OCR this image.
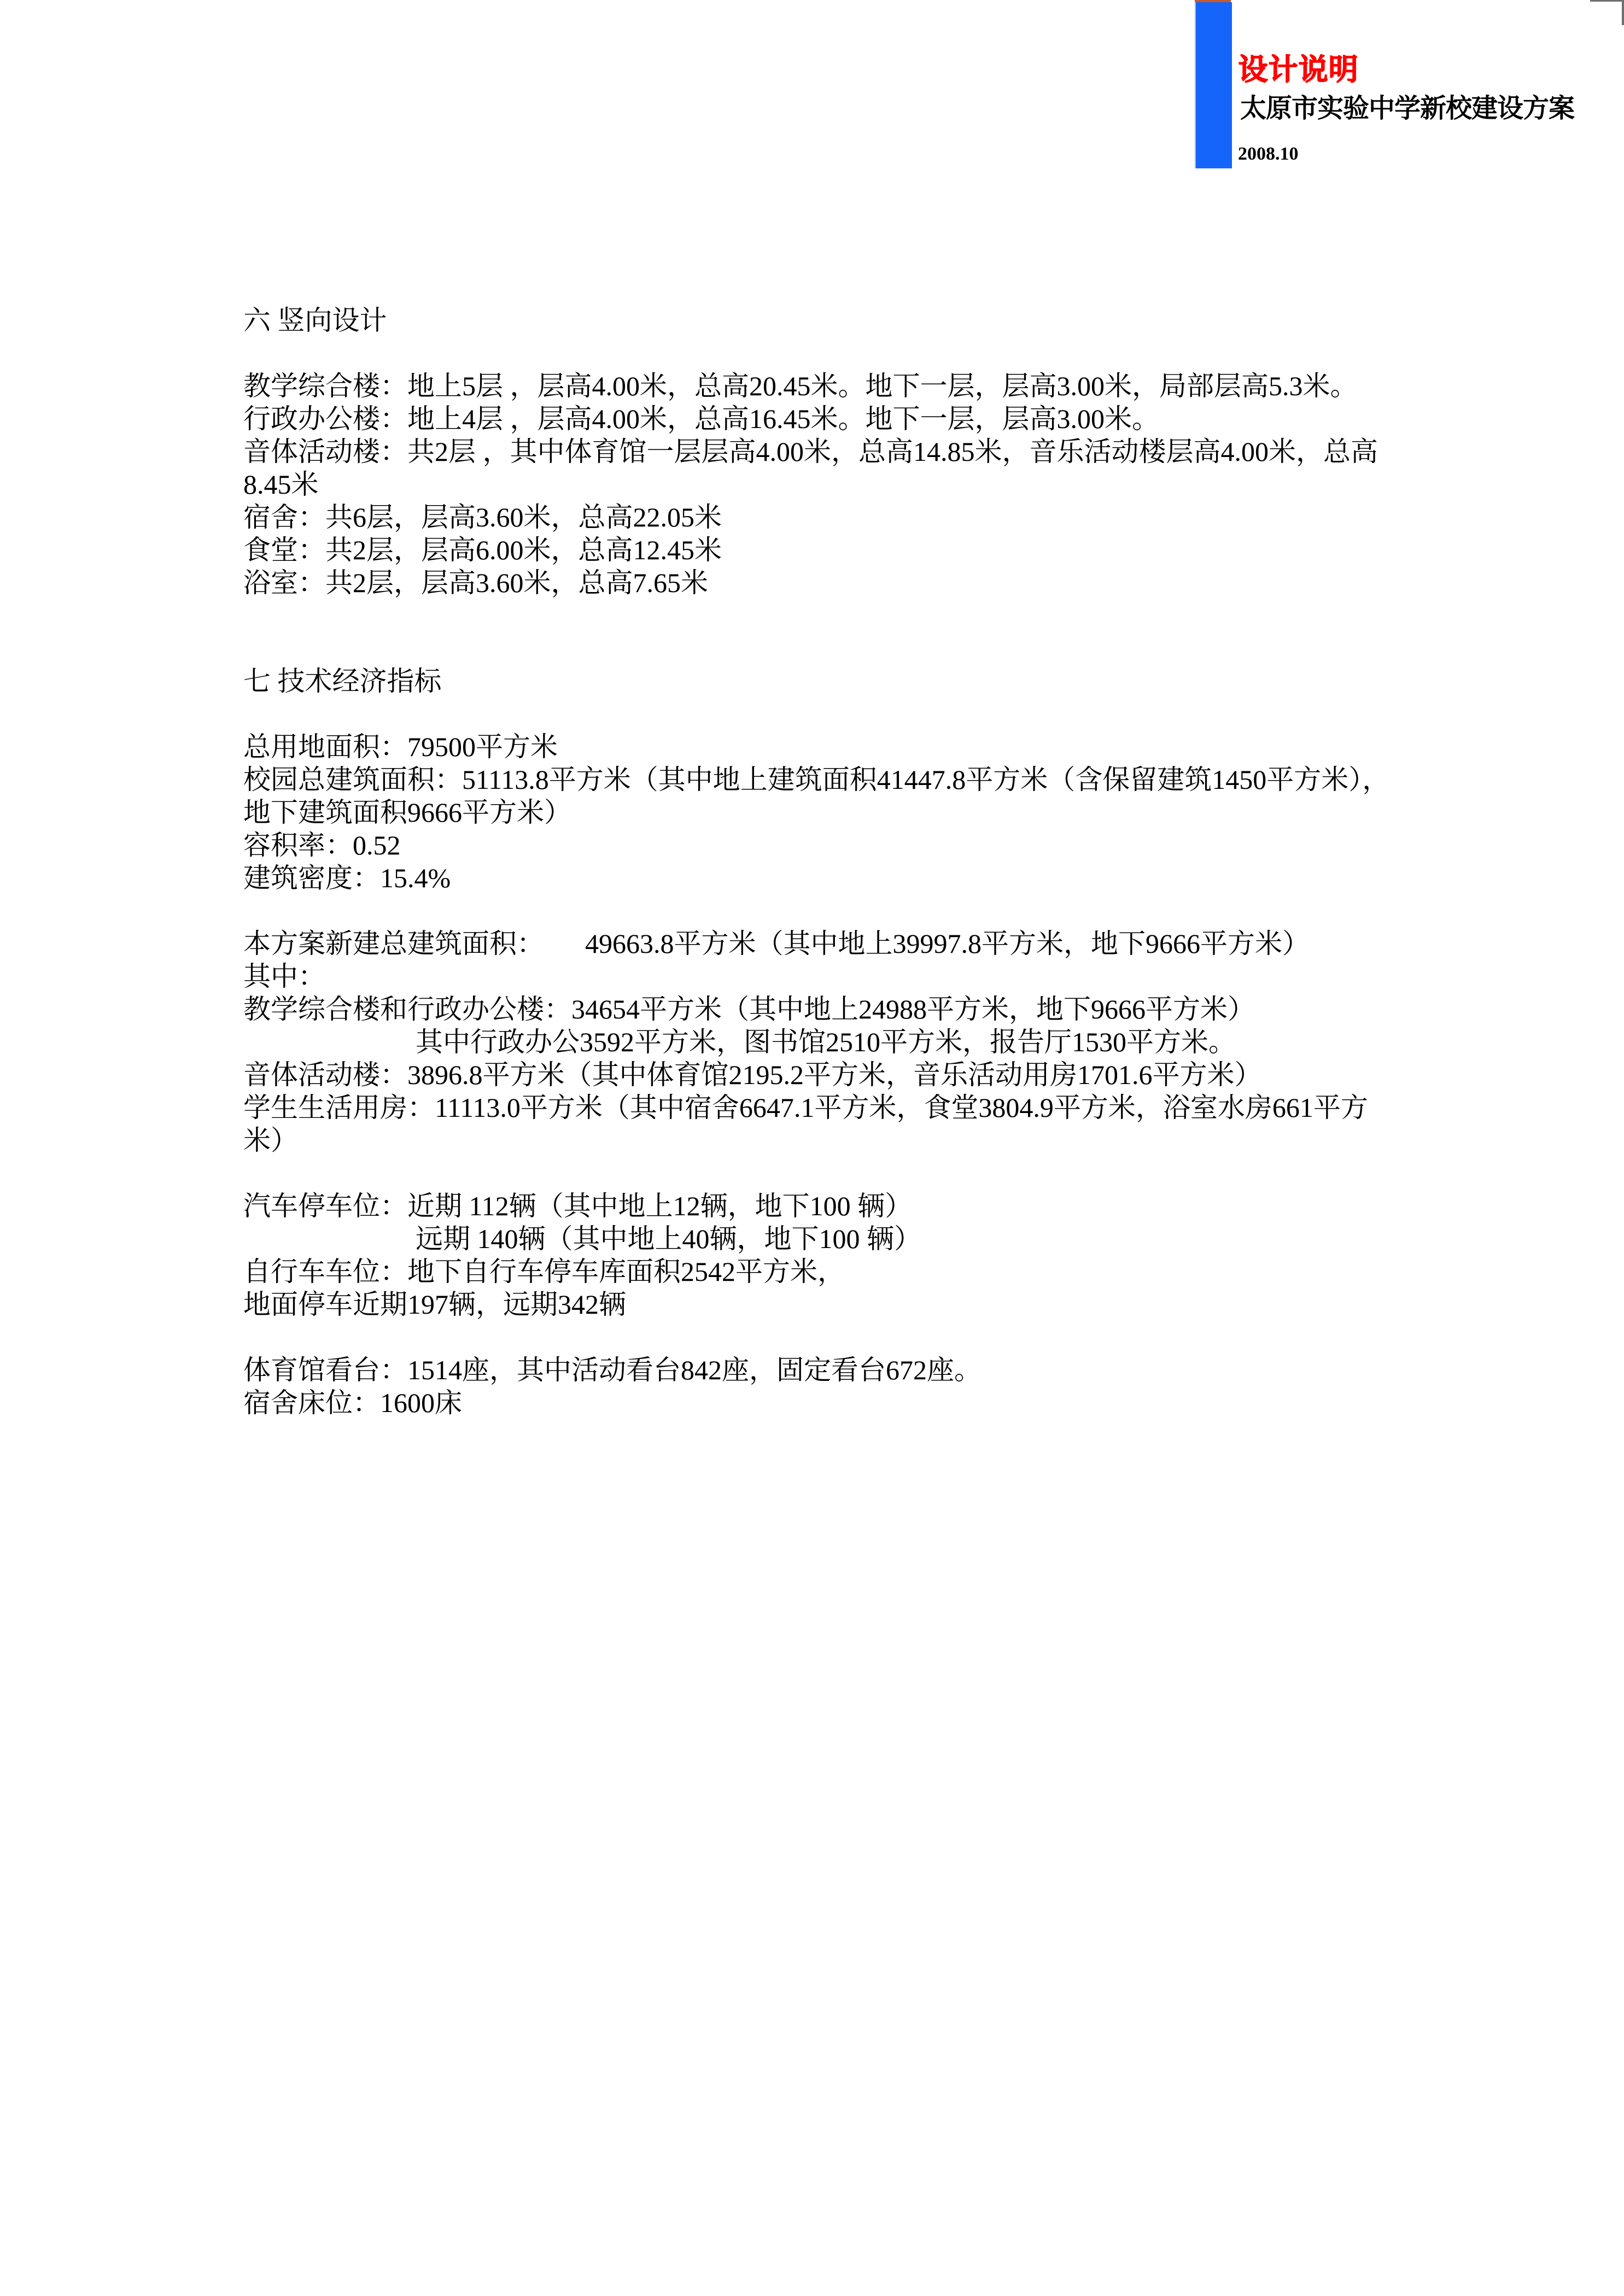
设计说明
太原市实验中学新校建设方案
2008.10
六 竖向设计

教学综合楼：地上5层 ，层高4.00米，总高20.45米。地下一层，层高3.00米，局部层高5.3米。
行政办公楼：地上4层 ，层高4.00米，总高16.45米。地下一层，层高3.00米。
音体活动楼：共2层 ，其中体育馆一层层高4.00米，总高14.85米，音乐活动楼层高4.00米，总高
8.45米
宿舍：共6层，层高3.60米，总高22.05米
食堂：共2层，层高6.00米，总高12.45米
浴室：共2层，层高3.60米，总高7.65米

七 技术经济指标

总用地面积：79500平方米
校园总建筑面积：51113.8平方米（其中地上建筑面积41447.8平方米（含保留建筑1450平方米），
地下建筑面积9666平方米）
容积率：0.52
建筑密度：15.4%

本方案新建总建筑面积：　　49663.8平方米（其中地上39997.8平方米，地下9666平方米）
其中：
教学综合楼和行政办公楼：34654平方米（其中地上24988平方米，地下9666平方米）
其中行政办公3592平方米，图书馆2510平方米，报告厅1530平方米。
音体活动楼：3896.8平方米（其中体育馆2195.2平方米，音乐活动用房1701.6平方米）
学生生活用房：11113.0平方米（其中宿舍6647.1平方米，食堂3804.9平方米，浴室水房661平方
米）

汽车停车位：近期 112辆（其中地上12辆，地下100 辆）
远期 140辆（其中地上40辆，地下100 辆）
自行车车位：地下自行车停车库面积2542平方米，
地面停车近期197辆，远期342辆

体育馆看台：1514座，其中活动看台842座，固定看台672座。
宿舍床位：1600床
